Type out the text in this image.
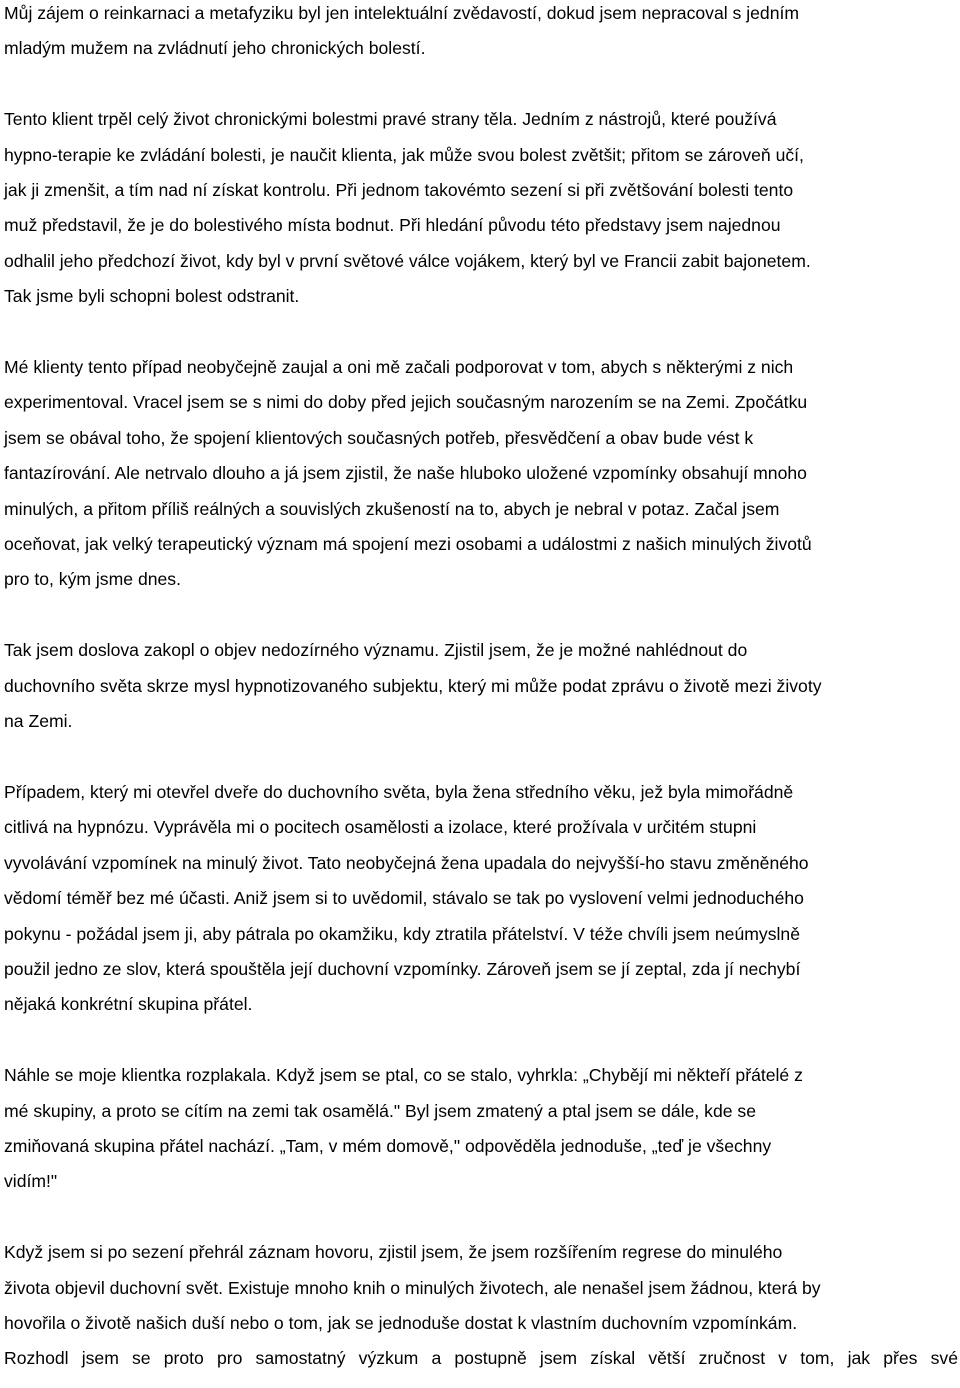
Můj zájem o reinkarnaci a metafyziku byl jen intelektuální zvědavostí, dokud jsem nepracoval s jedním
mladým mužem na zvládnutí jeho chronických bolestí.

Tento klient trpěl celý život chronickými bolestmi pravé strany těla. Jedním z nástrojů, které používá
hypno-terapie ke zvládání bolesti, je naučit klienta, jak může svou bolest zvětšit; přitom se zároveň učí,
jak ji zmenšit, a tím nad ní získat kontrolu. Při jednom takovémto sezení si při zvětšování bolesti tento
muž představil, že je do bolestivého místa bodnut. Při hledání původu této představy jsem najednou
odhalil jeho předchozí život, kdy byl v první světové válce vojákem, který byl ve Francii zabit bajonetem.
Tak jsme byli schopni bolest odstranit.

Mé klienty tento případ neobyčejně zaujal a oni mě začali podporovat v tom, abych s některými z nich
experimentoval. Vracel jsem se s nimi do doby před jejich současným narozením se na Zemi. Zpočátku
jsem se obával toho, že spojení klientových současných potřeb, přesvědčení a obav bude vést k
fantazírování. Ale netrvalo dlouho a já jsem zjistil, že naše hluboko uložené vzpomínky obsahují mnoho
minulých, a přitom příliš reálných a souvislých zkušeností na to, abych je nebral v potaz. Začal jsem
oceňovat, jak velký terapeutický význam má spojení mezi osobami a událostmi z našich minulých životů
pro to, kým jsme dnes.

Tak jsem doslova zakopl o objev nedozírného významu. Zjistil jsem, že je možné nahlédnout do
duchovního světa skrze mysl hypnotizovaného subjektu, který mi může podat zprávu o životě mezi životy
na Zemi.

Případem, který mi otevřel dveře do duchovního světa, byla žena středního věku, jež byla mimořádně
citlivá na hypnózu. Vyprávěla mi o pocitech osamělosti a izolace, které prožívala v určitém stupni
vyvolávání vzpomínek na minulý život. Tato neobyčejná žena upadala do nejvyšší-ho stavu změněného
vědomí téměř bez mé účasti. Aniž jsem si to uvědomil, stávalo se tak po vyslovení velmi jednoduchého
pokynu - požádal jsem ji, aby pátrala po okamžiku, kdy ztratila přátelství. V téže chvíli jsem neúmyslně
použil jedno ze slov, která spouštěla její duchovní vzpomínky. Zároveň jsem se jí zeptal, zda jí nechybí
nějaká konkrétní skupina přátel.

Náhle se moje klientka rozplakala. Když jsem se ptal, co se stalo, vyhrkla: „Chybějí mi někteří přátelé z
mé skupiny, a proto se cítím na zemi tak osamělá." Byl jsem zmatený a ptal jsem se dále, kde se
zmiňovaná skupina přátel nachází. „Tam, v mém domově," odpověděla jednoduše, „teď je všechny
vidím!"

Když jsem si po sezení přehrál záznam hovoru, zjistil jsem, že jsem rozšířením regrese do minulého
života objevil duchovní svět. Existuje mnoho knih o minulých životech, ale nenašel jsem žádnou, která by
hovořila o životě našich duší nebo o tom, jak se jednoduše dostat k vlastním duchovním vzpomínkám.
Rozhodl jsem se proto pro samostatný výzkum a postupně jsem získal větší zručnost v tom, jak přes své
